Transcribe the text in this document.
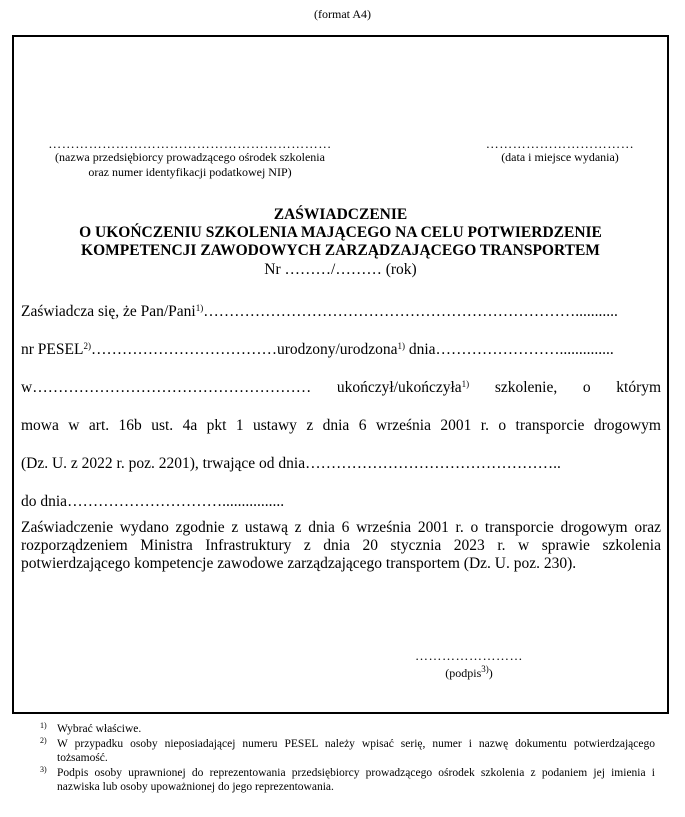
(format A4)
………………………………………………………
(nazwa przedsiębiorcy prowadzącego ośrodek szkolenia
oraz numer identyfikacji podatkowej NIP)
……………………………
(data i miejsce wydania)
ZAŚWIADCZENIE
O UKOŃCZENIU SZKOLENIA MAJĄCEGO NA CELU POTWIERDZENIE
KOMPETENCJI ZAWODOWYCH ZARZĄDZAJĄCEGO TRANSPORTEM
Nr ………/……… (rok)
Zaświadcza się, że Pan/Pani$^{1)}$………………………………………………………………...........
nr PESEL$^{2)}$………………………………urodzony/urodzona$^{1)}$ dnia……………………..............
w……………………………………………… ukończył/ukończyła$^{1)}$ szkolenie, o którym
mowa w art. 16b ust. 4a pkt 1 ustawy z dnia 6 września 2001 r. o transporcie drogowym
(Dz. U. z 2022 r. poz. 2201), trwające od dnia…………………………………………..
do dnia…………………………................
Zaświadczenie wydano zgodnie z ustawą z dnia 6 września 2001 r. o transporcie drogowym oraz rozporządzeniem Ministra Infrastruktury z dnia 20 stycznia 2023 r. w sprawie szkolenia potwierdzającego kompetencje zawodowe zarządzającego transportem (Dz. U. poz. 230).
……………………
(podpis$^{3)}$)
1) Wybrać właściwe.
2) W przypadku osoby nieposiadającej numeru PESEL należy wpisać serię, numer i nazwę dokumentu potwierdzającego tożsamość.
3) Podpis osoby uprawnionej do reprezentowania przedsiębiorcy prowadzącego ośrodek szkolenia z podaniem jej imienia i nazwiska lub osoby upoważnionej do jego reprezentowania.
